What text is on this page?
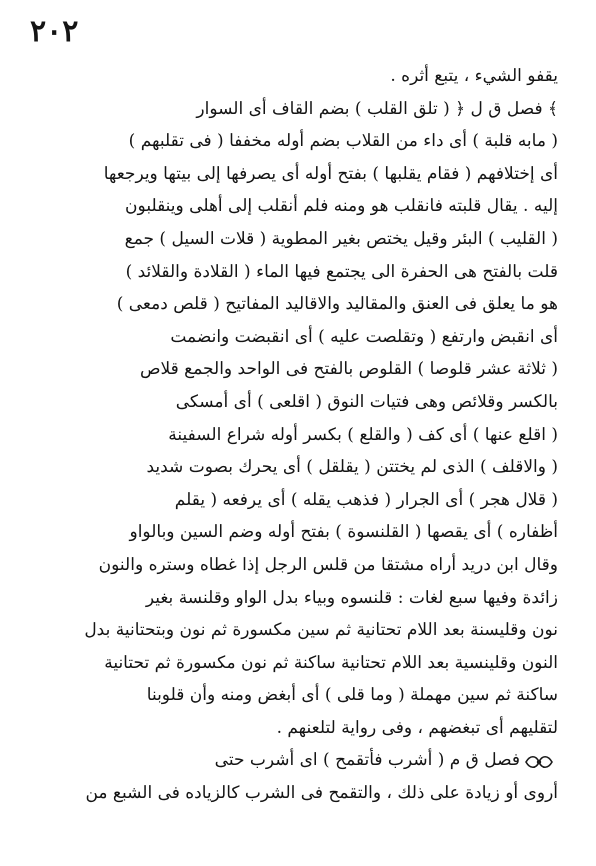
٢٠٢
يقفو الشيء ، يتبع أثره .
﴾ فصل ق ل ﴿ ( تلق القلب ) بضم القاف أى السوار
( مابه قلبة ) أى داء من القلاب بضم أوله مخففا ( فى تقلبهم )
أى إختلافهم ( فقام يقلبها ) بفتح أوله أى يصرفها إلى بيتها ويرجعها
إليه . يقال قلبته فانقلب هو ومنه فلم أنقلب إلى أهلى وينقلبون
( القليب ) البئر وقيل يختص بغير المطوية ( قلات السيل ) جمع
قلت بالفتح هى الحفرة الى يجتمع فيها الماء ( القلادة والقلائد )
هو ما يعلق فى العنق والمقاليد والاقاليد المفاتيح ( قلص دمعى )
أى انقبض وارتفع ( وتقلصت عليه ) أى انقبضت وانضمت
( ثلاثة عشر قلوصا ) القلوص بالفتح فى الواحد والجمع قلاص
بالكسر وقلائص وهى فتيات النوق ( اقلعى ) أى أمسكى
( اقلع عنها ) أى كف ( والقلع ) بكسر أوله شراع السفينة
( والاقلف ) الذى لم يختتن ( يقلقل ) أى يحرك بصوت شديد
( قلال هجر ) أى الجرار ( فذهب يقله ) أى يرفعه ( يقلم
أظفاره ) أى يقصها ( القلنسوة ) بفتح أوله وضم السين وبالواو
وقال ابن دريد أراه مشتقا من قلس الرجل إذا غطاه وستره والنون
زائدة وفيها سبع لغات : قلنسوه وبياء بدل الواو وقلنسة بغير
نون وقليسنة بعد اللام تحتانية ثم سين مكسورة ثم نون وبتحتانية بدل
النون وقلينسية بعد اللام تحتانية ساكنة ثم نون مكسورة ثم تحتانية
ساكنة ثم سين مهملة ( وما قلى ) أى أبغض ومنه وأن قلوبنا
لتقليهم أى تبغضهم ، وفى رواية لتلعنهم .
فصل ق م ( أشرب فأتقمح ) اى أشرب حتى
أروى أو زيادة على ذلك ، والتقمح فى الشرب كالزياده فى الشبع من
